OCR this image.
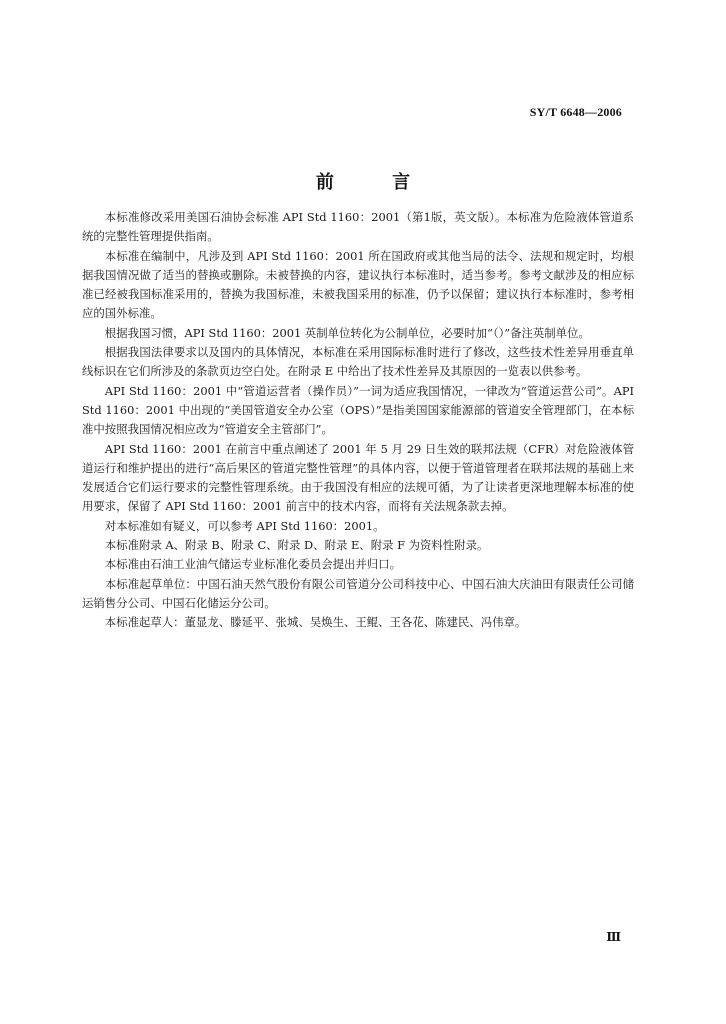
SY/T 6648—2006
前 言

本标准修改采用美国石油协会标准 API Std 1160：2001（第1版，英文版）。本标准为危险液体管道系统的完整性管理提供指南。

本标准在编制中，凡涉及到 API Std 1160：2001 所在国政府或其他当局的法令、法规和规定时，均根据我国情况做了适当的替换或删除。未被替换的内容，建议执行本标准时，适当参考。参考文献涉及的相应标准已经被我国标准采用的，替换为我国标准，未被我国采用的标准，仍予以保留；建议执行本标准时，参考相应的国外标准。

根据我国习惯，API Std 1160：2001 英制单位转化为公制单位，必要时加“（）”备注英制单位。

根据我国法律要求以及国内的具体情况，本标准在采用国际标准时进行了修改，这些技术性差异用垂直单线标识在它们所涉及的条款页边空白处。在附录 E 中给出了技术性差异及其原因的一览表以供参考。

API Std 1160：2001 中“管道运营者（操作员）”一词为适应我国情况，一律改为“管道运营公司”。API Std 1160：2001 中出现的“美国管道安全办公室（OPS）”是指美国国家能源部的管道安全管理部门，在本标准中按照我国情况相应改为“管道安全主管部门”。

API Std 1160：2001 在前言中重点阐述了 2001 年 5 月 29 日生效的联邦法规（CFR）对危险液体管道运行和维护提出的进行“高后果区的管道完整性管理”的具体内容，以便于管道管理者在联邦法规的基础上来发展适合它们运行要求的完整性管理系统。由于我国没有相应的法规可循，为了让读者更深地理解本标准的使用要求，保留了 API Std 1160：2001 前言中的技术内容，而将有关法规条款去掉。

对本标准如有疑义，可以参考 API Std 1160：2001。

本标准附录 A、附录 B、附录 C、附录 D、附录 E、附录 F 为资料性附录。

本标准由石油工业油气储运专业标准化委员会提出并归口。

本标准起草单位：中国石油天然气股份有限公司管道分公司科技中心、中国石油大庆油田有限责任公司储运销售分公司、中国石化储运分公司。

本标准起草人：董显龙、滕延平、张城、吴焕生、王鲲、王各花、陈建民、冯伟章。

Ⅲ
